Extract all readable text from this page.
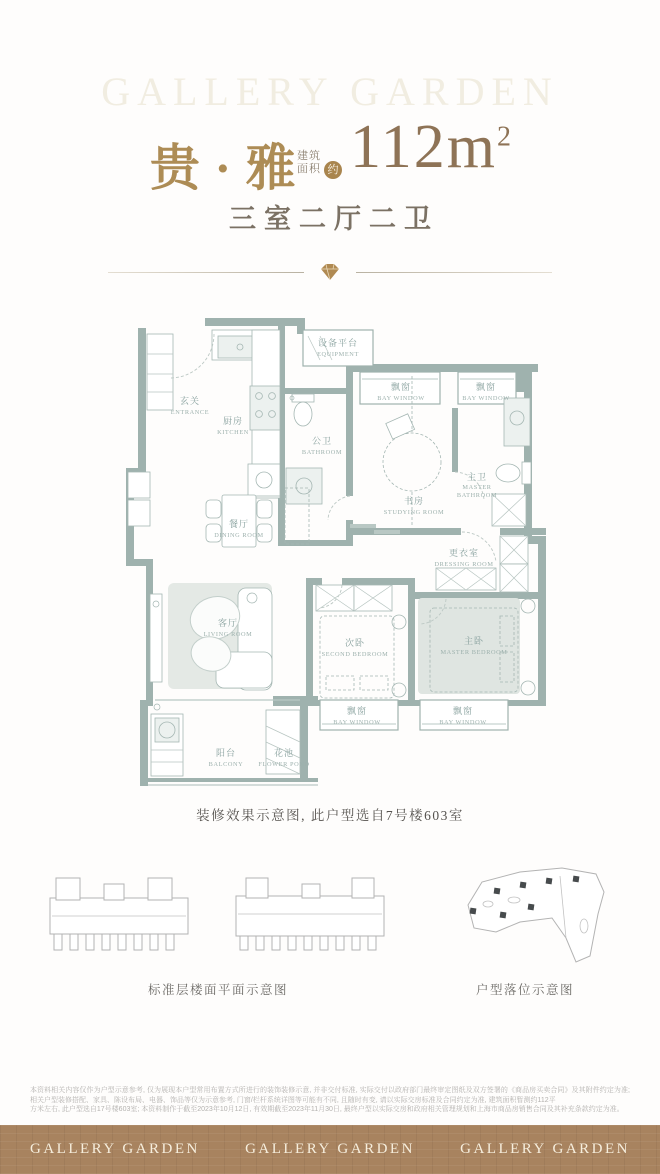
GALLERY GARDEN
贵 · 雅 建筑
面积 约 $112m^2$
三室二厅二卫
玄关
ENTRANCE
厨房
KITCHEN
设备平台
EQUIPMENT
公卫
BATHROOM
飘窗
BAY WINDOW
飘窗
BAY WINDOW
书房
STUDYING ROOM
主卫
MASTER
BATHROOM
更衣室
DRESSING ROOM
餐厅
DINING ROOM
客厅
LIVING ROOM
次卧
SECOND BEDROOM
主卧
MASTER BEDROOM
飘窗
BAY WINDOW
飘窗
BAY WINDOW
阳台
BALCONY
花池
FLOWER POND
装修效果示意图, 此户型选自7号楼603室
标准层楼面平面示意图	户型落位示意图
本资料相关内容仅作为户型示意参考, 仅为展现本户型常用布置方式所进行的装饰装修示意, 并非交付标准, 实际交付以政府部门最终审定图纸及双方签署的《商品房买卖合同》及其附件约定为准; 相关户型装修搭配、家具、陈设布局、电器、饰品等仅为示意参考, 门窗/栏杆系统详图等可能有不同, 且随时有变, 请以实际交房标准及合同约定为准, 建筑面积暂测约112平
方米左右, 此户型选自17号楼603室; 本资料制作于截至2023年10月12日, 有效期截至2023年11月30日, 最终户型以实际交房和政府相关管理规划和上海市商品房销售合同及其补充条款约定为准。
GALLERY GARDEN	GALLERY GARDEN	GALLERY GARDEN
